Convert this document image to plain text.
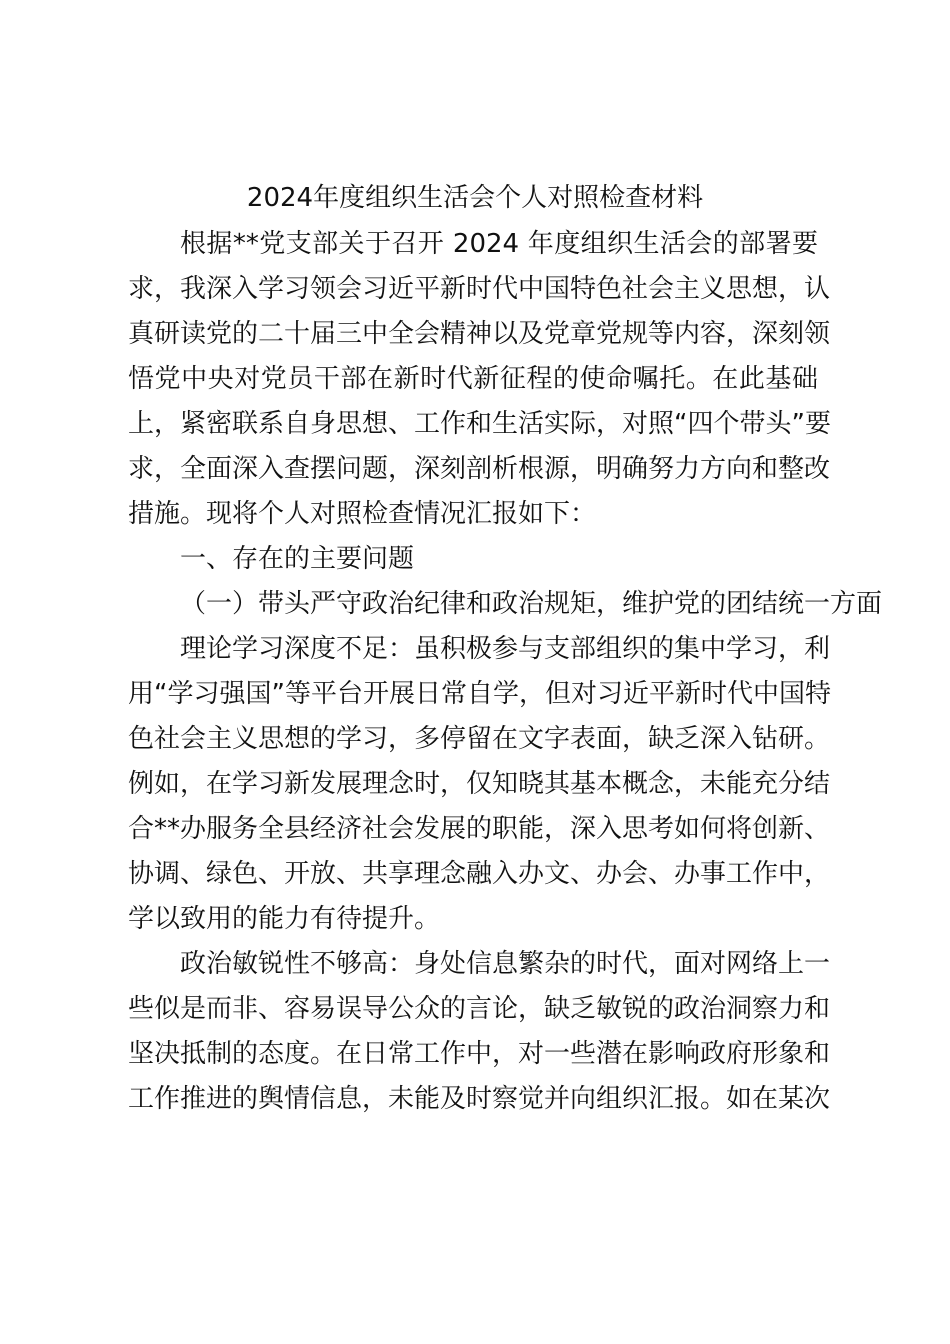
2024年度组织生活会个人对照检查材料
根据**党支部关于召开 2024 年度组织生活会的部署要
求，我深入学习领会习近平新时代中国特色社会主义思想，认
真研读党的二十届三中全会精神以及党章党规等内容，深刻领
悟党中央对党员干部在新时代新征程的使命嘱托。在此基础
上，紧密联系自身思想、工作和生活实际，对照“四个带头”要
求，全面深入查摆问题，深刻剖析根源，明确努力方向和整改
措施。现将个人对照检查情况汇报如下：
一、存在的主要问题
（一）带头严守政治纪律和政治规矩，维护党的团结统一方面
理论学习深度不足：虽积极参与支部组织的集中学习，利
用“学习强国”等平台开展日常自学，但对习近平新时代中国特
色社会主义思想的学习，多停留在文字表面，缺乏深入钻研。
例如，在学习新发展理念时，仅知晓其基本概念，未能充分结
合**办服务全县经济社会发展的职能，深入思考如何将创新、
协调、绿色、开放、共享理念融入办文、办会、办事工作中，
学以致用的能力有待提升。
政治敏锐性不够高：身处信息繁杂的时代，面对网络上一
些似是而非、容易误导公众的言论，缺乏敏锐的政治洞察力和
坚决抵制的态度。在日常工作中，对一些潜在影响政府形象和
工作推进的舆情信息，未能及时察觉并向组织汇报。如在某次
